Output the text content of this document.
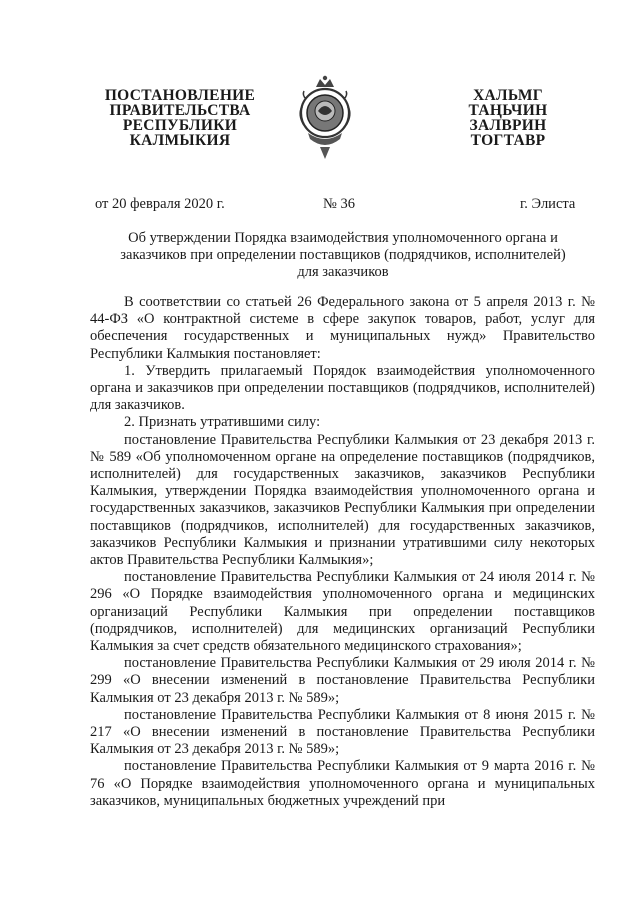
ПОСТАНОВЛЕНИЕ
ПРАВИТЕЛЬСТВА
РЕСПУБЛИКИ
КАЛМЫКИЯ
ХАЛЬМГ
ТАҢЬЧИН
ЗАЛВРИН
ТОГТАВР
от 20 февраля 2020 г.	№ 36	г. Элиста
Об утверждении Порядка взаимодействия уполномоченного органа и
заказчиков при определении поставщиков (подрядчиков, исполнителей)
для заказчиков

В соответствии со статьей 26 Федерального закона от 5 апреля 2013 г. № 44-ФЗ «О контрактной системе в сфере закупок товаров, работ, услуг для обеспечения государственных и муниципальных нужд» Правительство Республики Калмыкия постановляет:

1. Утвердить прилагаемый Порядок взаимодействия уполномоченного органа и заказчиков при определении поставщиков (подрядчиков, исполнителей) для заказчиков.

2. Признать утратившими силу:

постановление Правительства Республики Калмыкия от 23 декабря 2013 г. № 589 «Об уполномоченном органе на определение поставщиков (подрядчиков, исполнителей) для государственных заказчиков, заказчиков Республики Калмыкия, утверждении Порядка взаимодействия уполномоченного органа и государственных заказчиков, заказчиков Республики Калмыкия при определении поставщиков (подрядчиков, исполнителей) для государственных заказчиков, заказчиков Республики Калмыкия и признании утратившими силу некоторых актов Правительства Республики Калмыкия»;

постановление Правительства Республики Калмыкия от 24 июля 2014 г. № 296 «О Порядке взаимодействия уполномоченного органа и медицинских организаций Республики Калмыкия при определении поставщиков (подрядчиков, исполнителей) для медицинских организаций Республики Калмыкия за счет средств обязательного медицинского страхования»;

постановление Правительства Республики Калмыкия от 29 июля 2014 г. № 299 «О внесении изменений в постановление Правительства Республики Калмыкия от 23 декабря 2013 г. № 589»;

постановление Правительства Республики Калмыкия от 8 июня 2015 г. № 217 «О внесении изменений в постановление Правительства Республики Калмыкия от 23 декабря 2013 г. № 589»;

постановление Правительства Республики Калмыкия от 9 марта 2016 г. № 76 «О Порядке взаимодействия уполномоченного органа и муниципальных заказчиков, муниципальных бюджетных учреждений при
